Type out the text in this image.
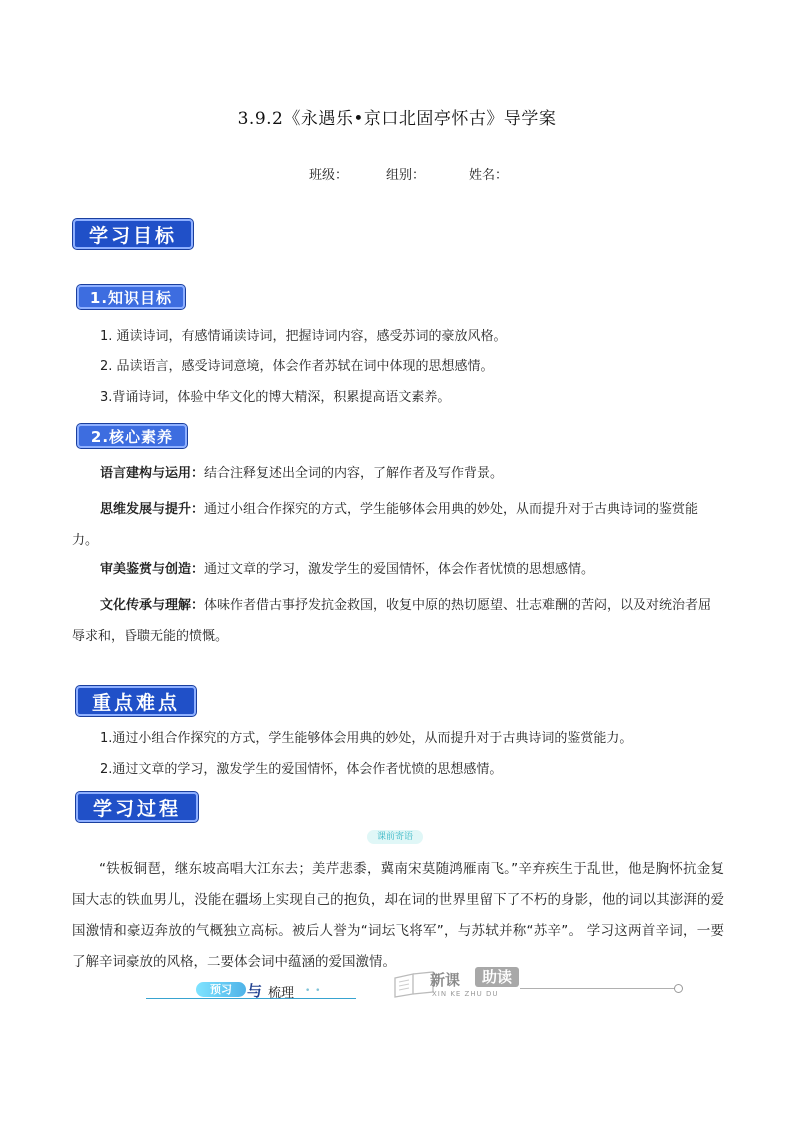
3.9.2《永遇乐•京口北固亭怀古》导学案
班级：	组别：	姓名：
学习目标
1.知识目标
1. 通读诗词，有感情诵读诗词，把握诗词内容，感受苏词的豪放风格。
2. 品读语言，感受诗词意境，体会作者苏轼在词中体现的思想感情。
3.背诵诗词，体验中华文化的博大精深，积累提高语文素养。
2.核心素养
语言建构与运用：结合注释复述出全词的内容，了解作者及写作背景。
思维发展与提升：通过小组合作探究的方式，学生能够体会用典的妙处，从而提升对于古典诗词的鉴赏能力。
审美鉴赏与创造：通过文章的学习，激发学生的爱国情怀，体会作者忧愤的思想感情。
文化传承与理解：体味作者借古事抒发抗金救国，收复中原的热切愿望、壮志难酬的苦闷，以及对统治者屈辱求和，昏聩无能的愤慨。
重点难点
1.通过小组合作探究的方式，学生能够体会用典的妙处，从而提升对于古典诗词的鉴赏能力。
2.通过文章的学习，激发学生的爱国情怀，体会作者忧愤的思想感情。
学习过程
课前寄语
“铁板铜琶，继东坡高唱大江东去；美芹悲黍，冀南宋莫随鸿雁南飞。”辛弃疾生于乱世，他是胸怀抗金复国大志的铁血男儿，没能在疆场上实现自己的抱负，却在词的世界里留下了不朽的身影，他的词以其澎湃的爱国激情和豪迈奔放的气概独立高标。被后人誉为“词坛飞将军”，与苏轼并称“苏辛”。 学习这两首辛词，一要了解辛词豪放的风格，二要体会词中蕴涵的爱国激情。
预习	与 梳理 • •
新课	助读
XIN KE ZHU DU
